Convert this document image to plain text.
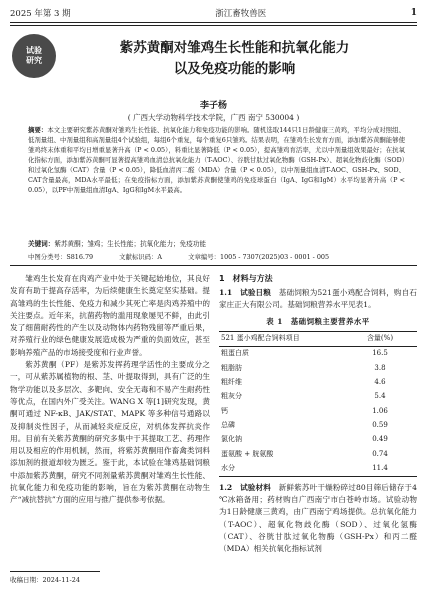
2025 年第 3 期	浙江畜牧兽医	1
试验
研究
紫苏黄酮对雏鸡生长性能和抗氧化能力
以及免疫功能的影响
李子杨
( 广西大学动物科学技术学院，广西 南宁 530004 )
摘要：本文主要研究紫苏黄酮对雏鸡生长性能、抗氧化能力和免疫功能的影响。随机选取144只1日龄健康三黄鸡，平均分成对照组、低剂量组、中剂量组和高剂量组4个试验组，每组6个重复，每个重复6只雏鸡。结果表明，在雏鸡生长发育方面，添加紫苏黄酮能够使雏鸡终末体重和平均日增重显著升高（P < 0.05），料重比显著降低（P < 0.05），提高雏鸡育活率，尤以中剂量组效果最好；在抗氧化指标方面，添加紫苏黄酮可显著提高雏鸡血清总抗氧化能力（T-AOC）、谷胱甘肽过氧化物酶（GSH-Px）、超氧化物歧化酶（SOD）和过氧化氢酶（CAT）含量（P < 0.05），降低血清丙二醛（MDA）含量（P < 0.05），以中剂量组血清T-AOC、GSH-Px、SOD、CAT含量最高，MDA水平最低；在免疫指标方面，添加紫苏黄酮使雏鸡的免疫球蛋白（IgA、IgG和IgM）水平均显著升高（P < 0.05），以PF中剂量组血清IgA、IgG和IgM水平最高。
关键词：紫苏黄酮；雏鸡；生长性能；抗氧化能力；免疫功能
中图分类号：S816.79	文献标识码：A	文章编号：1005 - 7307(2025)03 - 0001 - 005

雏鸡生长发育在肉鸡产业中处于关键起始地位，其良好发育有助于提高存活率，为后续健康生长奠定坚实基础。提高雏鸡的生长性能、免疫力和减少其死亡率是肉鸡养殖中的关注要点。近年来，抗菌药物的滥用现象屡见不鲜，由此引发了细菌耐药性的产生以及动物体内药物残留等严重后果，对养殖行业的绿色健康发展造成极为严重的负面效应，甚至影响养殖产品的市场接受度和行业声誉。

紫苏黄酮（PF）是紫苏发挥药理学活性的主要成分之一，可从紫苏属植物的根、茎、叶提取得到，具有广泛的生物学功能以及多层次、多靶向、安全无毒和不易产生耐药性等优点，在国内外广受关注。WANG X 等[1]研究发现，黄酮可通过 NF-κB、JAK/STAT、MAPK 等多种信号通路以及抑制炎性因子，从而减轻炎症反应，对机体发挥抗炎作用。目前有关紫苏黄酮的研究多集中于其提取工艺、药理作用以及相应的作用机制，然而，将紫苏黄酮用作畜禽类饲料添加剂的报道却较为匮乏。鉴于此，本试验在雏鸡基础饲粮中添加紫苏黄酮，研究不同剂量紫苏黄酮对雏鸡生长性能、抗氧化能力和免疫功能的影响，旨在为紫苏黄酮在动物生产“减抗替抗”方面的应用与推广提供参考依据。

1　材料与方法

1.1　试验日粮　 基础饲粮为521蛋小鸡配合饲料，购自石家庄正大有限公司。基础饲粮营养水平见表1。

表 1　基础饲粮主要营养水平
521 蛋小鸡配合饲料项目	含量(%)
粗蛋白质	16.5
粗脂肪	3.8
粗纤维	4.6
粗灰分	5.4
钙	1.06
总磷	0.59
氯化钠	0.49
蛋氨酸 + 胱氨酸	0.74
水分	11.4

1.2　试验材料　 新鲜紫苏叶干燥粉碎过80目筛后储存于4 ℃冰箱备用；药材购自广西南宁市白苍岭市场。试验动物为1日龄健康三黄鸡，由广西南宁鸡场提供。总抗氧化能力（T-AOC）、超氧化物歧化酶（SOD）、过氧化氢酶（CAT）、谷胱甘肽过氧化物酶（GSH-Px）和丙二醛（MDA）相关抗氧化指标试剂

收稿日期：2024-11-24
